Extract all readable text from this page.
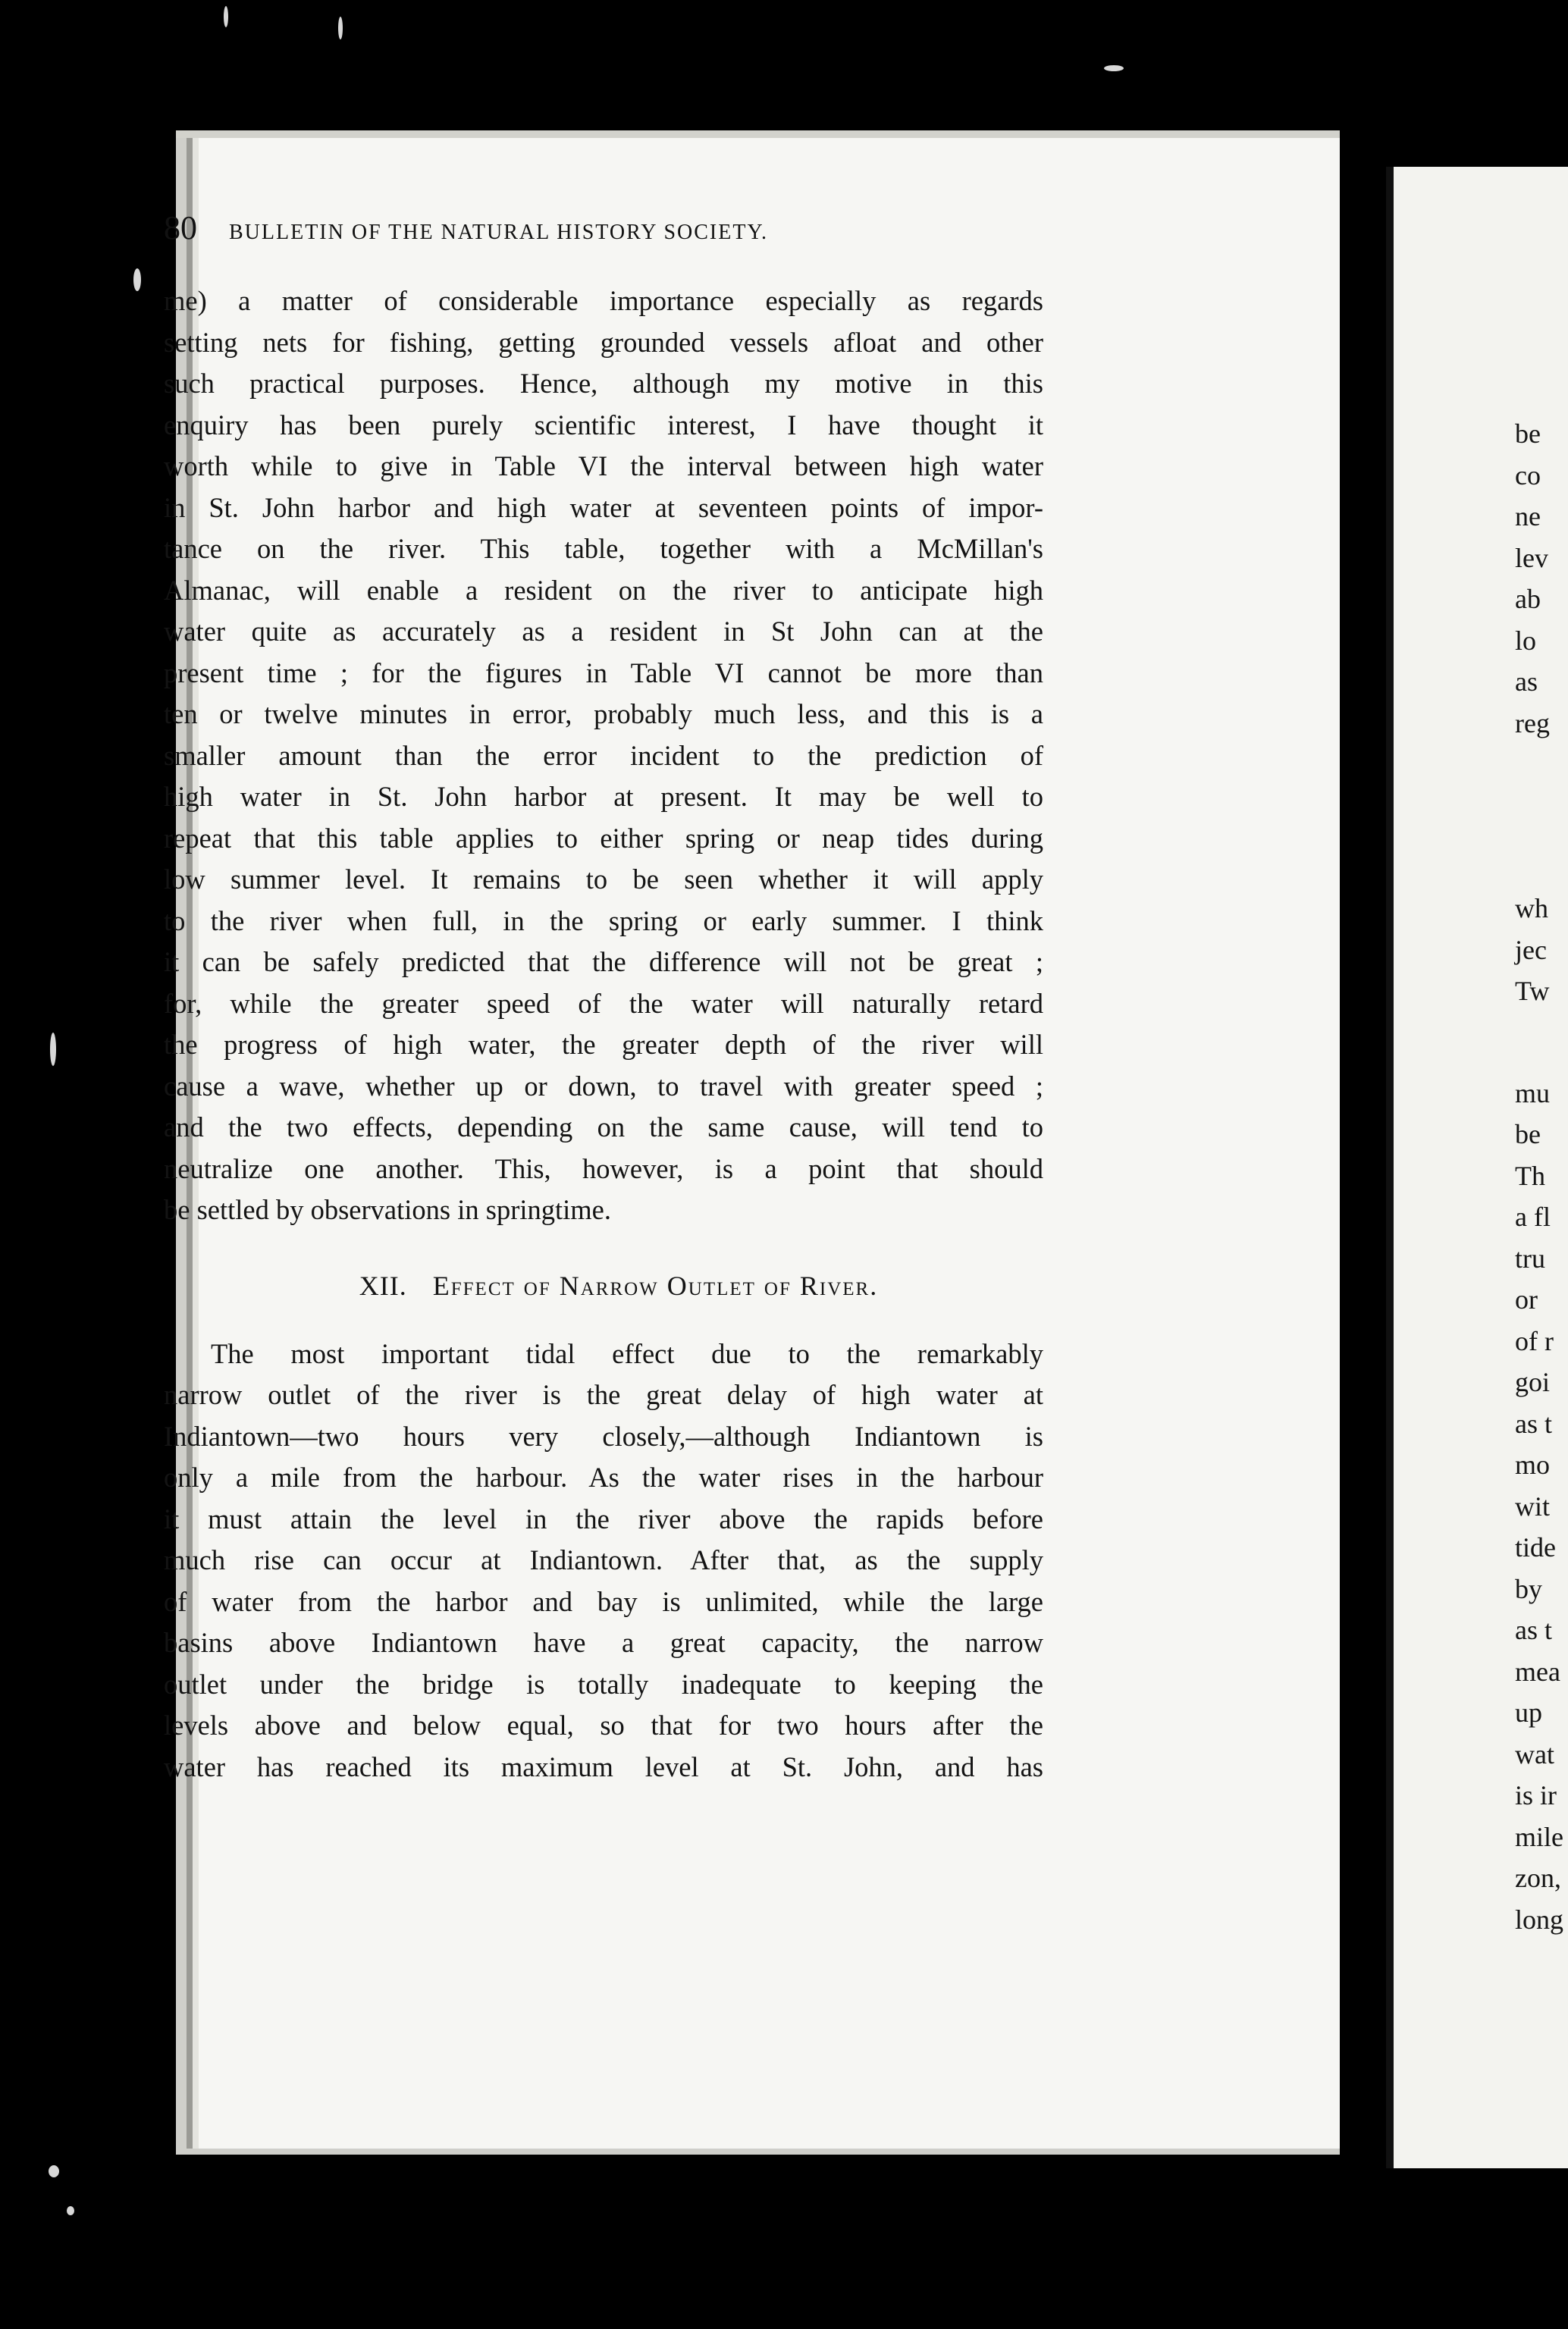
80 BULLETIN OF THE NATURAL HISTORY SOCIETY.
me) a matter of considerable importance especially as regards
setting nets for fishing, getting grounded vessels afloat and other
such practical purposes. Hence, although my motive in this
enquiry has been purely scientific interest, I have thought it
worth while to give in Table VI the interval between high water
in St. John harbor and high water at seventeen points of impor-
tance on the river. This table, together with a McMillan's
Almanac, will enable a resident on the river to anticipate high
water quite as accurately as a resident in St John can at the
present time ; for the figures in Table VI cannot be more than
ten or twelve minutes in error, probably much less, and this is a
smaller amount than the error incident to the prediction of
high water in St. John harbor at present. It may be well to
repeat that this table applies to either spring or neap tides during
low summer level. It remains to be seen whether it will apply
to the river when full, in the spring or early summer. I think
it can be safely predicted that the difference will not be great ;
for, while the greater speed of the water will naturally retard
the progress of high water, the greater depth of the river will
cause a wave, whether up or down, to travel with greater speed ;
and the two effects, depending on the same cause, will tend to
neutralize one another. This, however, is a point that should
be settled by observations in springtime.
XII. Effect of Narrow Outlet of River.
The most important tidal effect due to the remarkably
narrow outlet of the river is the great delay of high water at
Indiantown—two hours very closely,—although Indiantown is
only a mile from the harbour. As the water rises in the harbour
it must attain the level in the river above the rapids before
much rise can occur at Indiantown. After that, as the supply
of water from the harbor and bay is unlimited, while the large
basins above Indiantown have a great capacity, the narrow
outlet under the bridge is totally inadequate to keeping the
levels above and below equal, so that for two hours after the
water has reached its maximum level at St. John, and has
be
co
ne
lev
ab
lo
as
reg
wh
jec
Tw
mu
be
Th
a fl
tru
or
of r
goi
as t
mo
wit
tide
by
as t
mea
up
wat
is ir
mile
zon,
long
